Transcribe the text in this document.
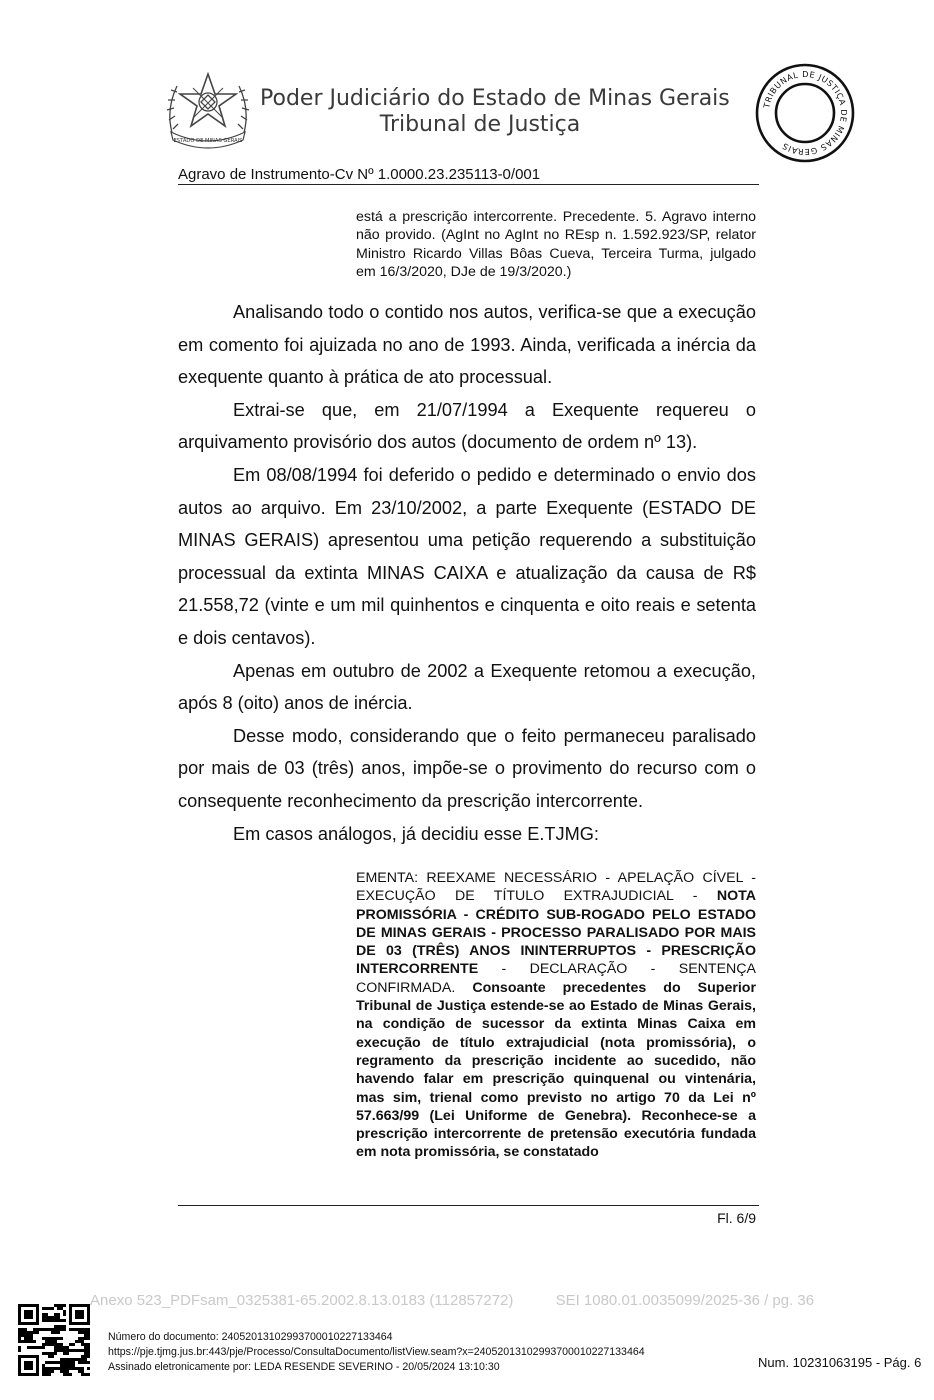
ESTADO DE MINAS GERAIS
Poder Judiciário do Estado de Minas Gerais
Tribunal de Justiça
TRIBUNAL DE JUSTIÇA DE MINAS GERAIS
Agravo de Instrumento-Cv Nº 1.0000.23.235113-0/001
está a prescrição intercorrente. Precedente. 5. Agravo interno não provido. (AgInt no AgInt no REsp n. 1.592.923/SP, relator Ministro Ricardo Villas Bôas Cueva, Terceira Turma, julgado em 16/3/2020, DJe de 19/3/2020.)

Analisando todo o contido nos autos, verifica-se que a execução em comento foi ajuizada no ano de 1993. Ainda, verificada a inércia da exequente quanto à prática de ato processual.

Extrai-se que, em 21/07/1994 a Exequente requereu o arquivamento provisório dos autos (documento de ordem nº 13).

Em 08/08/1994 foi deferido o pedido e determinado o envio dos autos ao arquivo. Em 23/10/2002, a parte Exequente (ESTADO DE MINAS GERAIS) apresentou uma petição requerendo a substituição processual da extinta MINAS CAIXA e atualização da causa de R$ 21.558,72 (vinte e um mil quinhentos e cinquenta e oito reais e setenta e dois centavos).

Apenas em outubro de 2002 a Exequente retomou a execução, após 8 (oito) anos de inércia.

Desse modo, considerando que o feito permaneceu paralisado por mais de 03 (três) anos, impõe-se o provimento do recurso com o consequente reconhecimento da prescrição intercorrente.

Em casos análogos, já decidiu esse E.TJMG:

EMENTA: REEXAME NECESSÁRIO - APELAÇÃO CÍVEL - EXECUÇÃO DE TÍTULO EXTRAJUDICIAL - NOTA PROMISSÓRIA - CRÉDITO SUB-ROGADO PELO ESTADO DE MINAS GERAIS - PROCESSO PARALISADO POR MAIS DE 03 (TRÊS) ANOS ININTERRUPTOS - PRESCRIÇÃO INTERCORRENTE - DECLARAÇÃO - SENTENÇA CONFIRMADA. Consoante precedentes do Superior Tribunal de Justiça estende-se ao Estado de Minas Gerais, na condição de sucessor da extinta Minas Caixa em execução de título extrajudicial (nota promissória), o regramento da prescrição incidente ao sucedido, não havendo falar em prescrição quinquenal ou vintenária, mas sim, trienal como previsto no artigo 70 da Lei nº 57.663/99 (Lei Uniforme de Genebra). Reconhece-se a prescrição intercorrente de pretensão executória fundada em nota promissória, se constatado
Fl. 6/9
Anexo 523_PDFsam_0325381-65.2002.8.13.0183 (112857272)	SEI 1080.01.0035099/2025-36 / pg. 36
Número do documento: 24052013102993700010227133464
https://pje.tjmg.jus.br:443/pje/Processo/ConsultaDocumento/listView.seam?x=24052013102993700010227133464
Assinado eletronicamente por: LEDA RESENDE SEVERINO - 20/05/2024 13:10:30	Num. 10231063195 - Pág. 6
